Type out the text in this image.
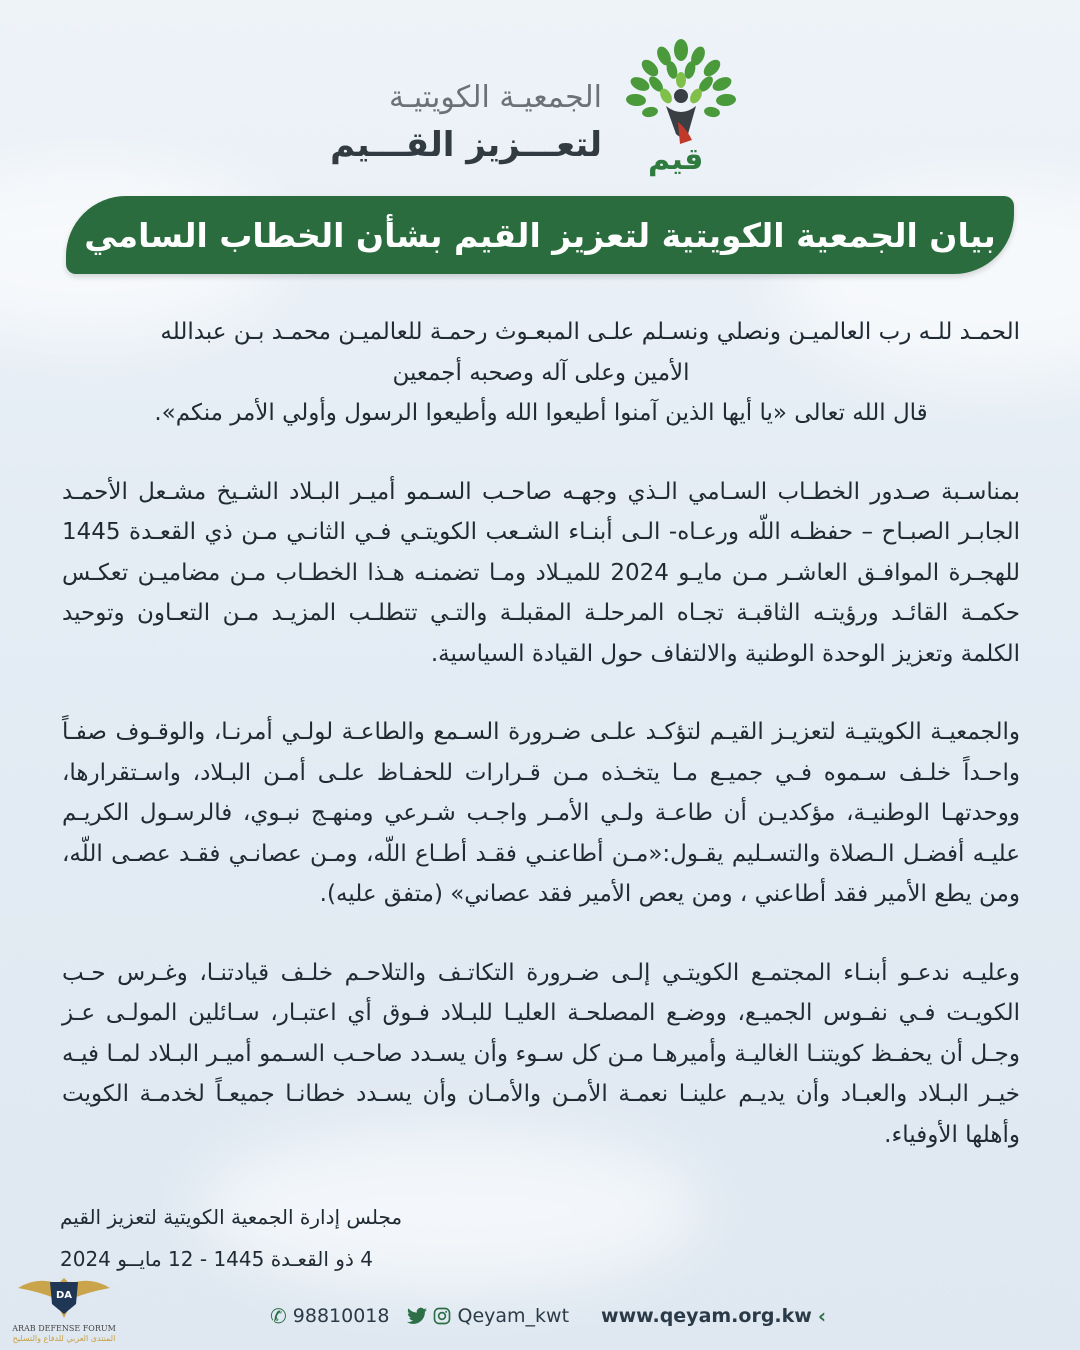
قيم
الجمعيـة الكويتيـة
لتعـــزيز القـــيم
بيان الجمعية الكويتية لتعزيز القيم بشأن الخطاب السامي

الحمـد للـه رب العالميـن ونصلي ونسـلم علـى المبعـوث رحمـة للعالميـن محمـد بـن عبدالله

الأمين وعلى آله وصحبه أجمعين

قال الله تعالى «يا أيها الذين آمنوا أطيعوا الله وأطيعوا الرسول وأولي الأمر منكم».

بمناسـبة صـدور الخطـاب السـامي الـذي وجهـه صاحـب السـمو أميـر البـلاد الشـيخ مشـعل الأحمـد الجابـر الصبـاح – حفظـه اللّه ورعـاه- الـى أبنـاء الشـعب الكويتـي فـي الثانـي مـن ذي القعـدة 1445 للهجـرة الموافـق العاشـر مـن مايـو 2024 للميـلاد ومـا تضمنـه هـذا الخطـاب مـن مضاميـن تعكـس حكمـة القائـد ورؤيتـه الثاقبـة تجـاه المرحلـة المقبلـة والتـي تتطلـب المزيـد مـن التعـاون وتوحيد الكلمة وتعزيز الوحدة الوطنية والالتفاف حول القيادة السياسية.

والجمعيـة الكويتيـة لتعزيـز القيـم لتؤكـد علـى ضـرورة السـمع والطاعـة لولـي أمرنـا، والوقـوف صفـاً واحـداً خلـف سـموه فـي جميـع مـا يتخـذه مـن قـرارات للحفـاظ علـى أمـن البـلاد، واسـتقرارها، ووحدتهـا الوطنيـة، مؤكديـن أن طاعـة ولـي الأمـر واجـب شـرعي ومنهـج نبـوي، فالرسـول الكريـم عليـه أفضـل الـصلاة والتسـليم يقـول:«مـن أطاعنـي فقـد أطـاع اللّه، ومـن عصانـي فقـد عصـى اللّه، ومن يطع الأمير فقد أطاعني ، ومن يعص الأمير فقد عصاني» (متفق عليه).

وعليـه ندعـو أبنـاء المجتمـع الكويتـي إلـى ضـرورة التكاتـف والتلاحـم خلـف قيادتنـا، وغـرس حـب الكويـت فـي نفـوس الجميـع، ووضـع المصلحـة العليـا للبـلاد فـوق أي اعتبـار، سـائلين المولـى عـز وجـل أن يحفـظ كويتنـا الغاليـة وأميرهـا مـن كل سـوء وأن يسـدد صاحـب السـمو أميـر البـلاد لمـا فيـه خيـر البـلاد والعبـاد وأن يديـم علينـا نعمـة الأمـن والأمـان وأن يسـدد خطانـا جميعـاً لخدمـة الكويت وأهلها الأوفياء.

مجلس إدارة الجمعية الكويتية لتعزيز القيم
4 ذو القعـدة 1445 - 12 مايــو 2024
✆ 98810018	Qeyam_kwt www.qeyam.org.kw ‹
DA
ARAB DEFENSE FORUM
المنتدى العربي للدفاع والتسليح
